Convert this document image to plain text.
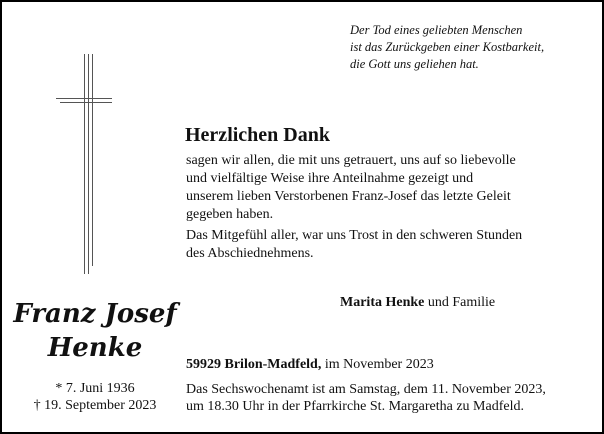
Der Tod eines geliebten Menschen
ist das Zurückgeben einer Kostbarkeit,
die Gott uns geliehen hat.
Herzlichen Dank
sagen wir allen, die mit uns getrauert, uns auf so liebevolle
und vielfältige Weise ihre Anteilnahme gezeigt und
unserem lieben Verstorbenen Franz-Josef das letzte Geleit
gegeben haben.
Das Mitgefühl aller, war uns Trost in den schweren Stunden
des Abschiednehmens.
Marita Henke und Familie
Franz Josef
Henke
* 7. Juni 1936
† 19. September 2023
59929 Brilon-Madfeld, im November 2023
Das Sechswochenamt ist am Samstag, dem 11. November 2023,
um 18.30 Uhr in der Pfarrkirche St. Margaretha zu Madfeld.
